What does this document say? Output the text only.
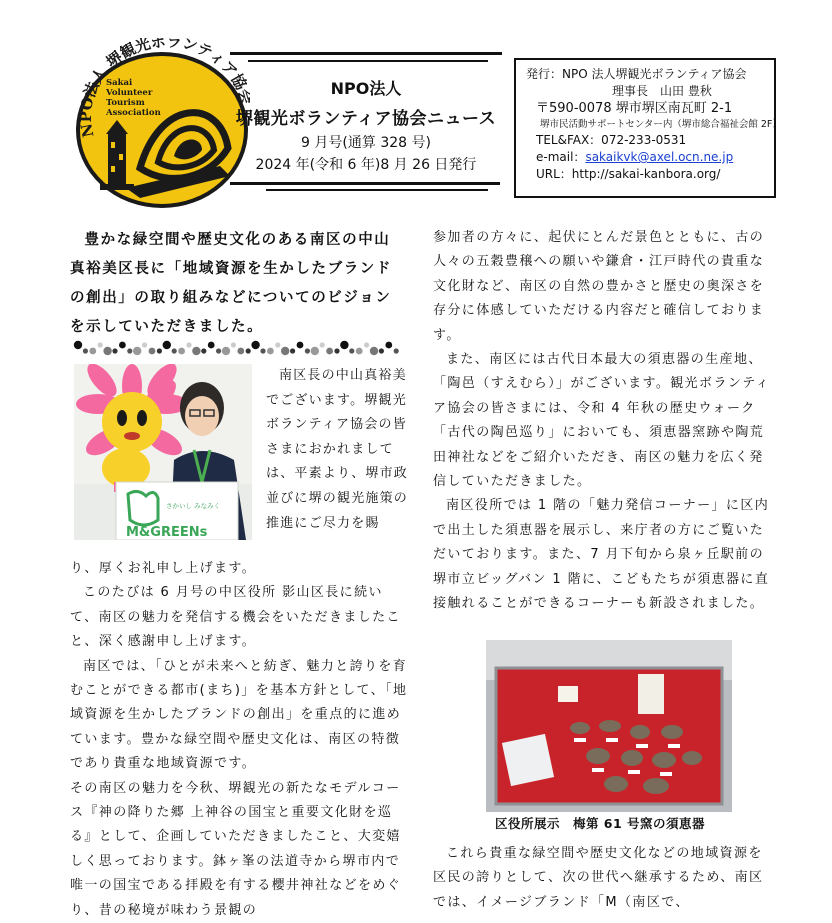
NPO法人 堺観光ボランティア協
Sakai Volunteer Tourism Association
NPO法人
堺観光ボランティア協会ニュース
9 月号(通算 328 号)
2024 年(令和 6 年)8 月 26 日発行
発行：NPO 法人堺観光ボランティア協会
理事長　山田 豊秋
〒590-0078 堺市堺区南瓦町 2-1
堺市民活動サポートセンター内（堺市総合福祉会館 2F）
TEL&FAX：072-233-0531
e-mail：sakaikvk@axel.ocn.ne.jp
URL：http://sakai-kanbora.org/

豊かな緑空間や歴史文化のある南区の中山真裕美区長に「地域資源を生かしたブランドの創出」の取り組みなどについてのビジョンを示していただきました。

さかいし みなみく
M&GREENs

南区長の中山真裕美でございます。堺観光ボランティア協会の皆さまにおかれましては、平素より、堺市政並びに堺の観光施策の推進にご尽力を賜

り、厚くお礼申し上げます。

このたびは 6 月号の中区役所 影山区長に続いて、南区の魅力を発信する機会をいただきましたこと、深く感謝申し上げます。

南区では、「ひとが未来へと紡ぎ、魅力と誇りを育むことができる都市(まち)」を基本方針として、「地域資源を生かしたブランドの創出」を重点的に進めています。豊かな緑空間や歴史文化は、南区の特徴であり貴重な地域資源です。

その南区の魅力を今秋、堺観光の新たなモデルコース『神の降りた郷 上神谷の国宝と重要文化財を巡る』として、企画していただきましたこと、大変嬉しく思っております。鉢ヶ峯の法道寺から堺市内で唯一の国宝である拝殿を有する櫻井神社などをめぐり、昔の秘境が味わう景観の

参加者の方々に、起伏にとんだ景色とともに、古の人々の五穀豊穣への願いや鎌倉・江戸時代の貴重な文化財など、南区の自然の豊かさと歴史の奥深さを存分に体感していただける内容だと確信しております。

また、南区には古代日本最大の須恵器の生産地、「陶邑（すえむら）」がございます。観光ボランティア協会の皆さまには、令和 4 年秋の歴史ウォーク「古代の陶邑巡り」においても、須恵器窯跡や陶荒田神社などをご紹介いただき、南区の魅力を広く発信していただきました。

南区役所では 1 階の「魅力発信コーナー」に区内で出土した須恵器を展示し、来庁者の方にご覧いただいております。また、7 月下旬から泉ヶ丘駅前の堺市立ビッグバン 1 階に、こどもたちが須恵器に直接触れることができるコーナーも新設されました。

区役所展示　梅第 61 号窯の須恵器

これら貴重な緑空間や歴史文化などの地域資源を区民の誇りとして、次の世代へ継承するため、南区では、イメージブランド「M（南区で、
